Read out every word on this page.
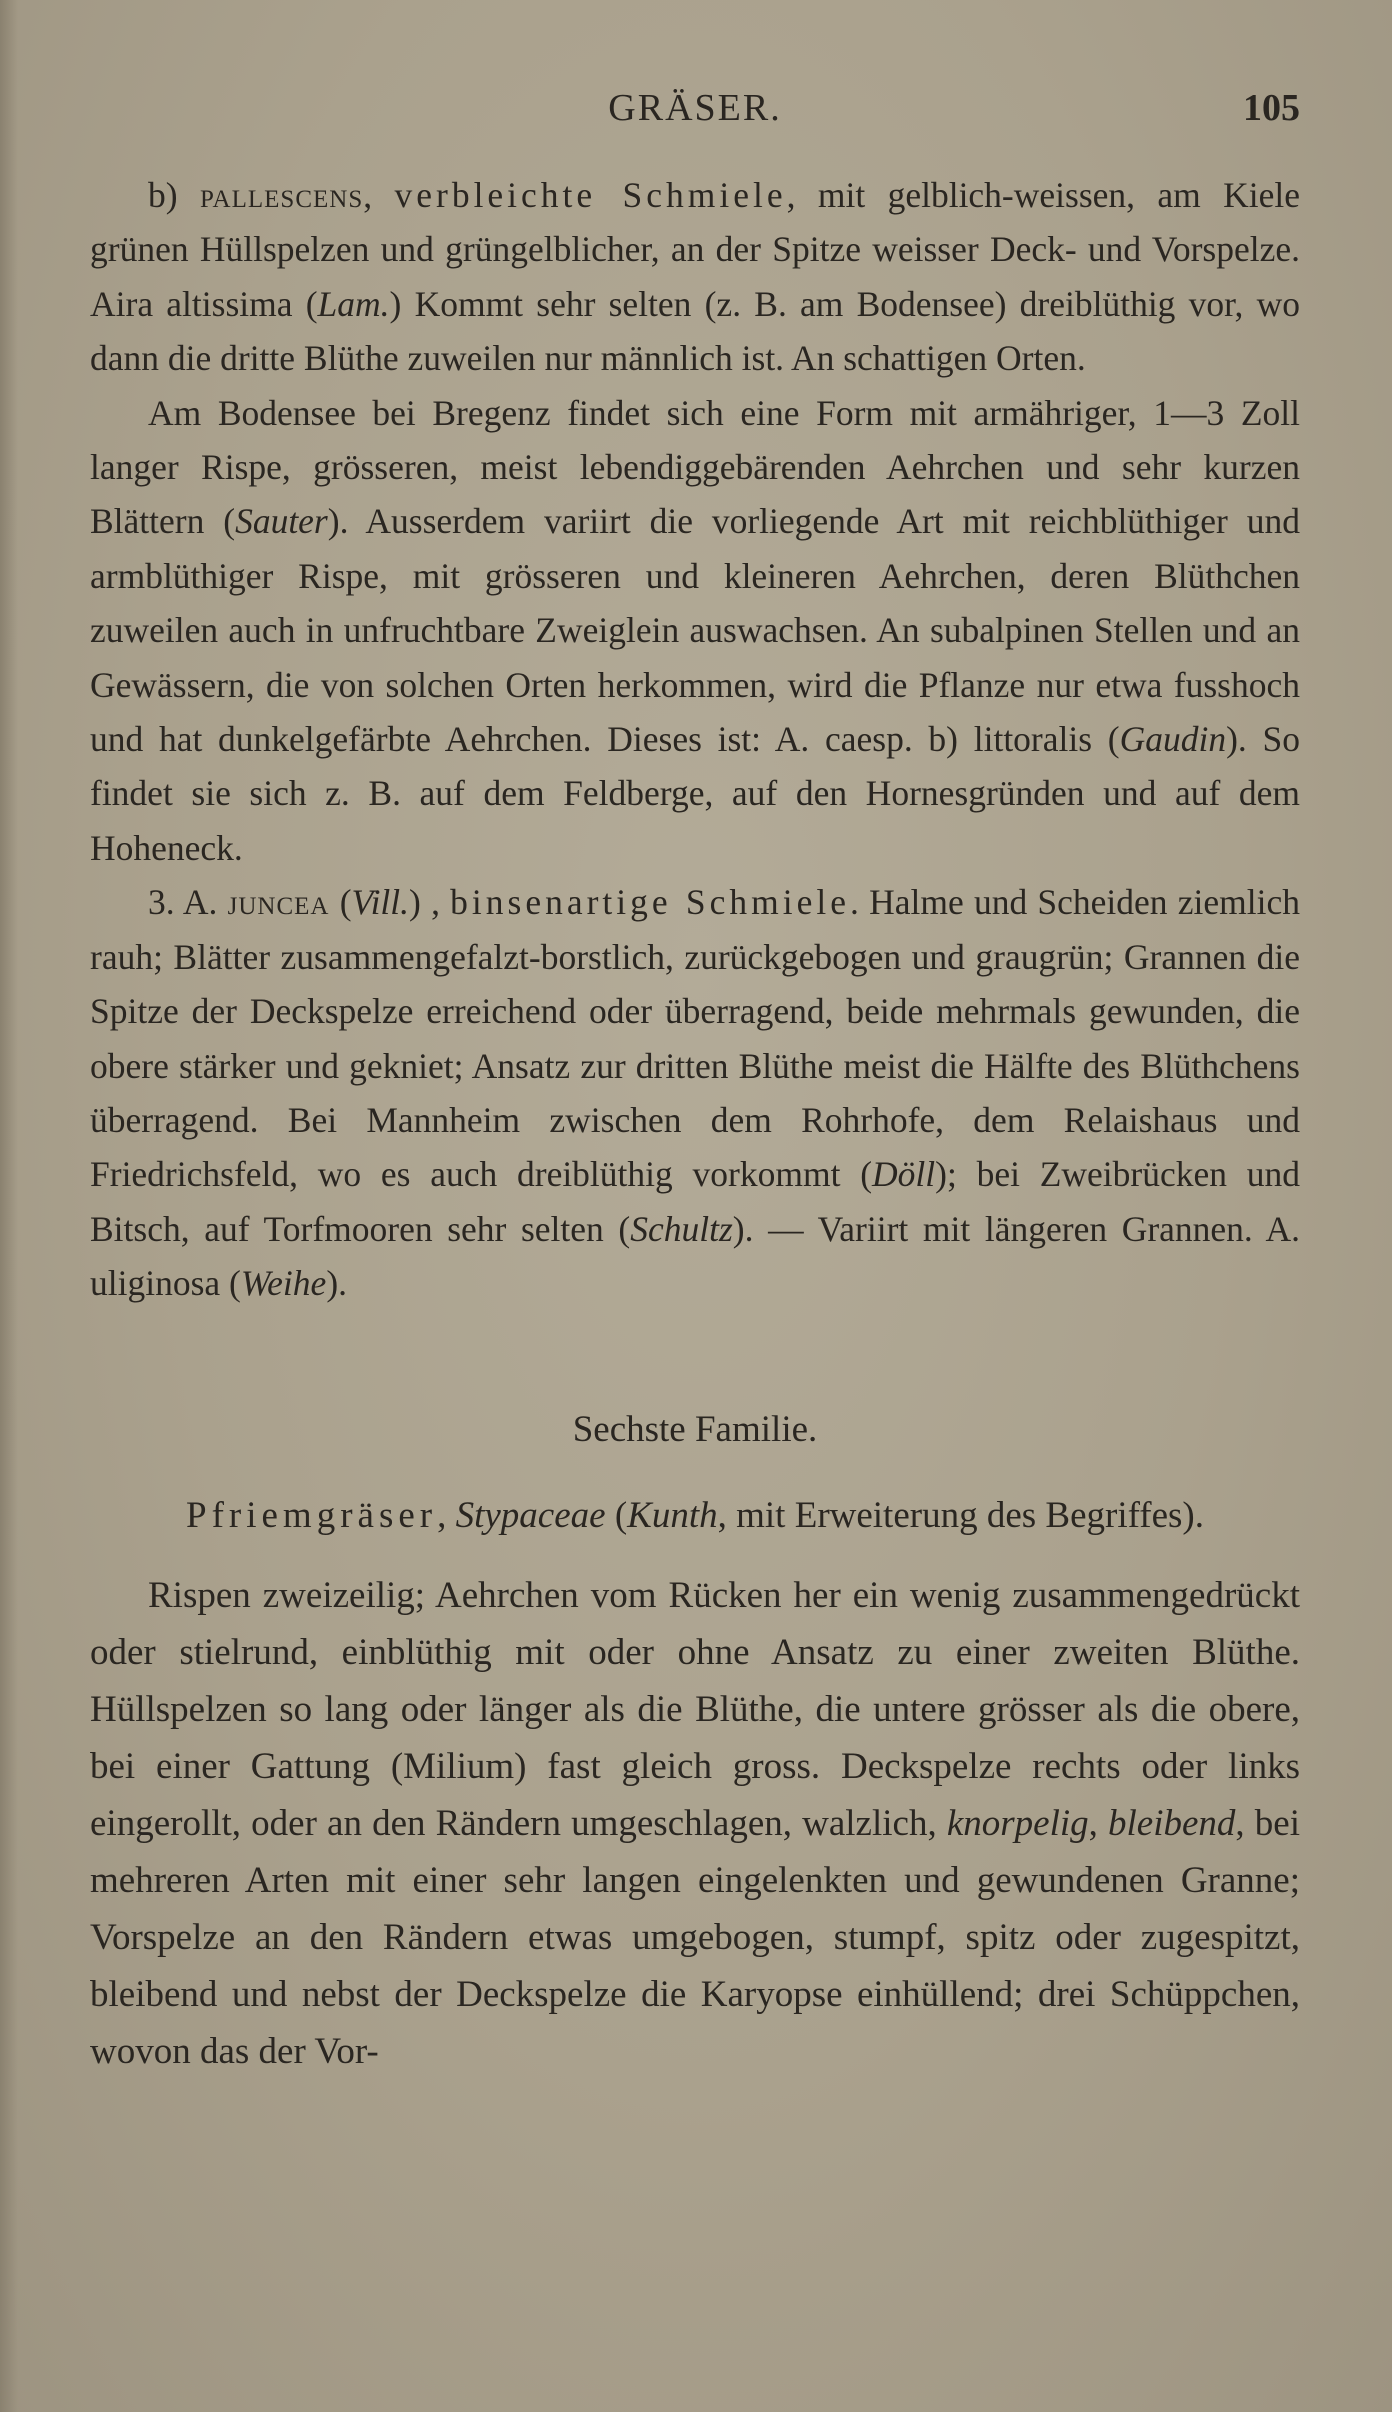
GRÄSER.	105

b) pallescens, verbleichte Schmiele, mit gelblich-weissen, am Kiele grünen Hüllspelzen und grüngelblicher, an der Spitze weisser Deck- und Vorspelze. Aira altissima (Lam.) Kommt sehr selten (z. B. am Bodensee) dreiblüthig vor, wo dann die dritte Blüthe zuweilen nur männlich ist. An schattigen Orten.

Am Bodensee bei Bregenz findet sich eine Form mit armähriger, 1—3 Zoll langer Rispe, grösseren, meist lebendiggebärenden Aehrchen und sehr kurzen Blättern (Sauter). Ausserdem variirt die vorliegende Art mit reichblüthiger und armblüthiger Rispe, mit grösseren und kleineren Aehrchen, deren Blüthchen zuweilen auch in unfruchtbare Zweiglein auswachsen. An subalpinen Stellen und an Gewässern, die von solchen Orten herkommen, wird die Pflanze nur etwa fusshoch und hat dunkelgefärbte Aehrchen. Dieses ist: A. caesp. b) littoralis (Gaudin). So findet sie sich z. B. auf dem Feldberge, auf den Hornesgründen und auf dem Hoheneck.

3. A. juncea (Vill.) , binsenartige Schmiele. Halme und Scheiden ziemlich rauh; Blätter zusammengefalzt-borstlich, zurückgebogen und graugrün; Grannen die Spitze der Deckspelze erreichend oder überragend, beide mehrmals gewunden, die obere stärker und gekniet; Ansatz zur dritten Blüthe meist die Hälfte des Blüthchens überragend. Bei Mannheim zwischen dem Rohrhofe, dem Relaishaus und Friedrichsfeld, wo es auch dreiblüthig vorkommt (Döll); bei Zweibrücken und Bitsch, auf Torfmooren sehr selten (Schultz). — Variirt mit längeren Grannen. A. uliginosa (Weihe).

Sechste Familie.
Pfriemgräser, Stypaceae (Kunth, mit Erweiterung des Begriffes).

Rispen zweizeilig; Aehrchen vom Rücken her ein wenig zusammengedrückt oder stielrund, einblüthig mit oder ohne Ansatz zu einer zweiten Blüthe. Hüllspelzen so lang oder länger als die Blüthe, die untere grösser als die obere, bei einer Gattung (Milium) fast gleich gross. Deckspelze rechts oder links eingerollt, oder an den Rändern umgeschlagen, walzlich, knorpelig, bleibend, bei mehreren Arten mit einer sehr langen eingelenkten und gewundenen Granne; Vorspelze an den Rändern etwas umgebogen, stumpf, spitz oder zugespitzt, bleibend und nebst der Deckspelze die Karyopse einhüllend; drei Schüppchen, wovon das der Vor-
